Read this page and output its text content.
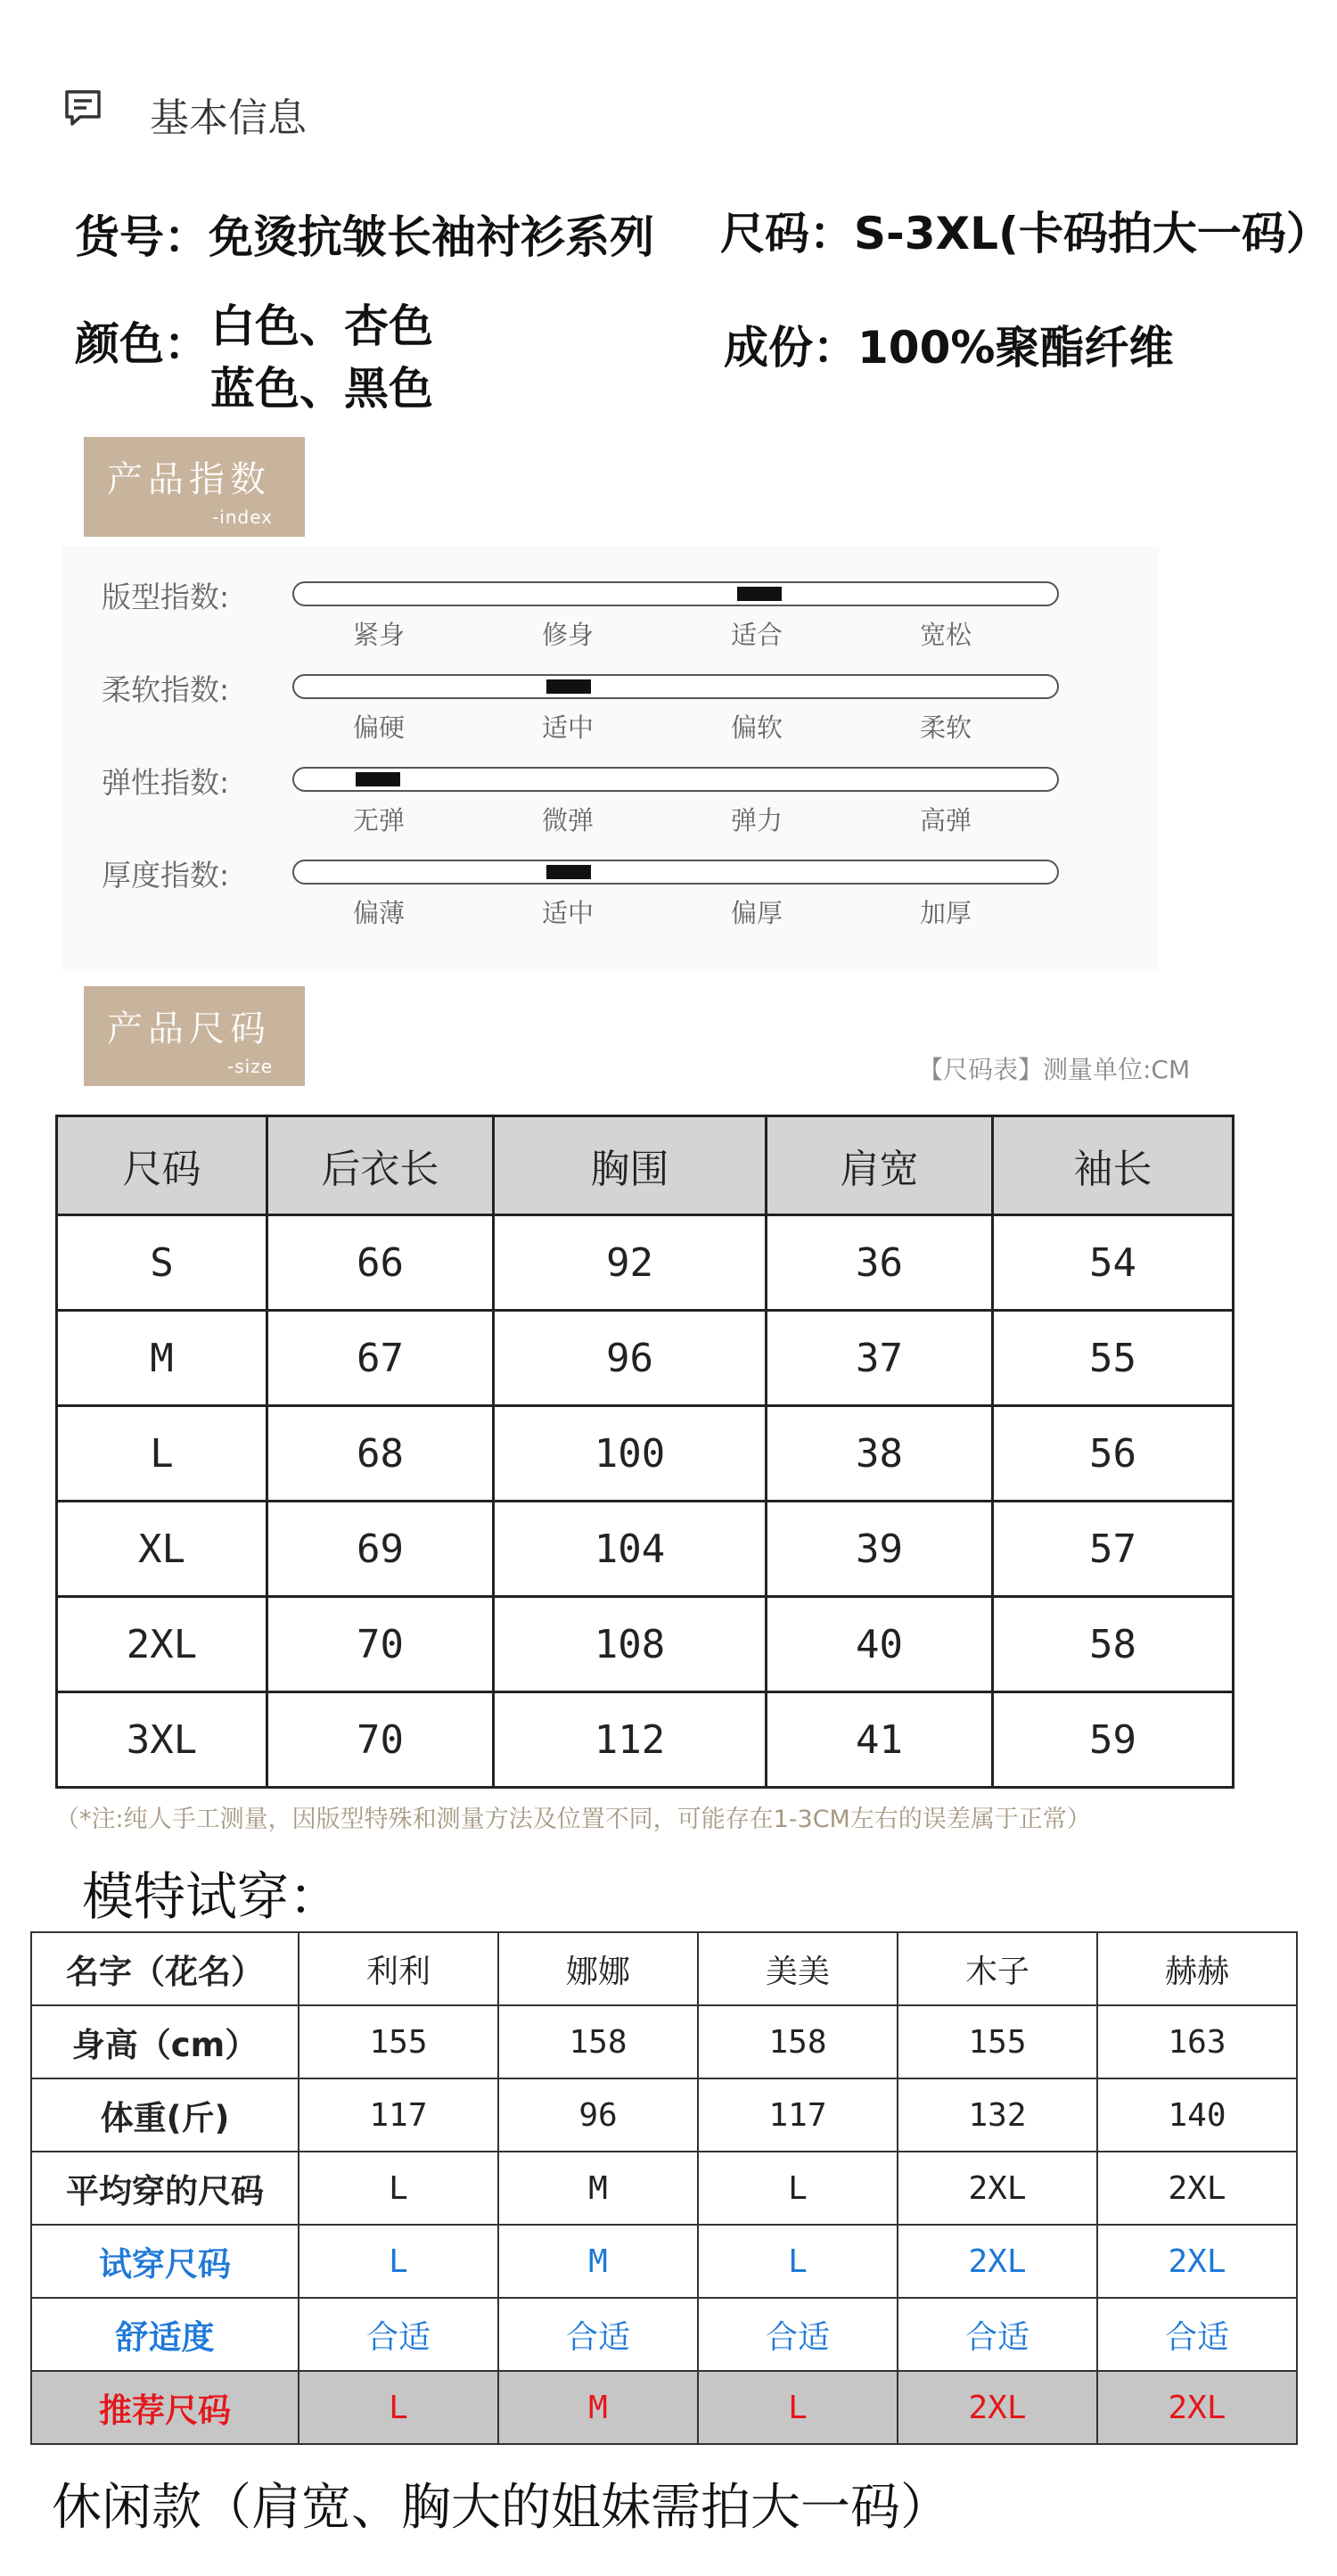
基本信息
货号：免烫抗皱长袖衬衫系列 尺码：S-3XL(卡码拍大一码）
颜色： 白色、杏色
蓝色、黑色
成份：100%聚酯纤维
产品指数
-index
版型指数:
紧身	修身	适合	宽松
柔软指数:
偏硬	适中	偏软	柔软
弹性指数:
无弹	微弹	弹力	高弹
厚度指数:
偏薄	适中	偏厚	加厚
产品尺码
-size	【尺码表】测量单位:CM
尺码	后衣长	胸围	肩宽	袖长
S	66	92	36	54
M	67	96	37	55
L	68	100	38	56
XL	69	104	39	57
2XL	70	108	40	58
3XL	70	112	41	59
（*注:纯人手工测量，因版型特殊和测量方法及位置不同，可能存在1-3CM左右的误差属于正常）
模特试穿：
名字（花名）	利利	娜娜	美美	木子	赫赫
身高（cm）	155	158	158	155	163
体重(斤)	117	96	117	132	140
平均穿的尺码	L	M	L	2XL	2XL
试穿尺码	L	M	L	2XL	2XL
舒适度	合适	合适	合适	合适	合适
推荐尺码	L	M	L	2XL	2XL
休闲款（肩宽、胸大的姐妹需拍大一码）
